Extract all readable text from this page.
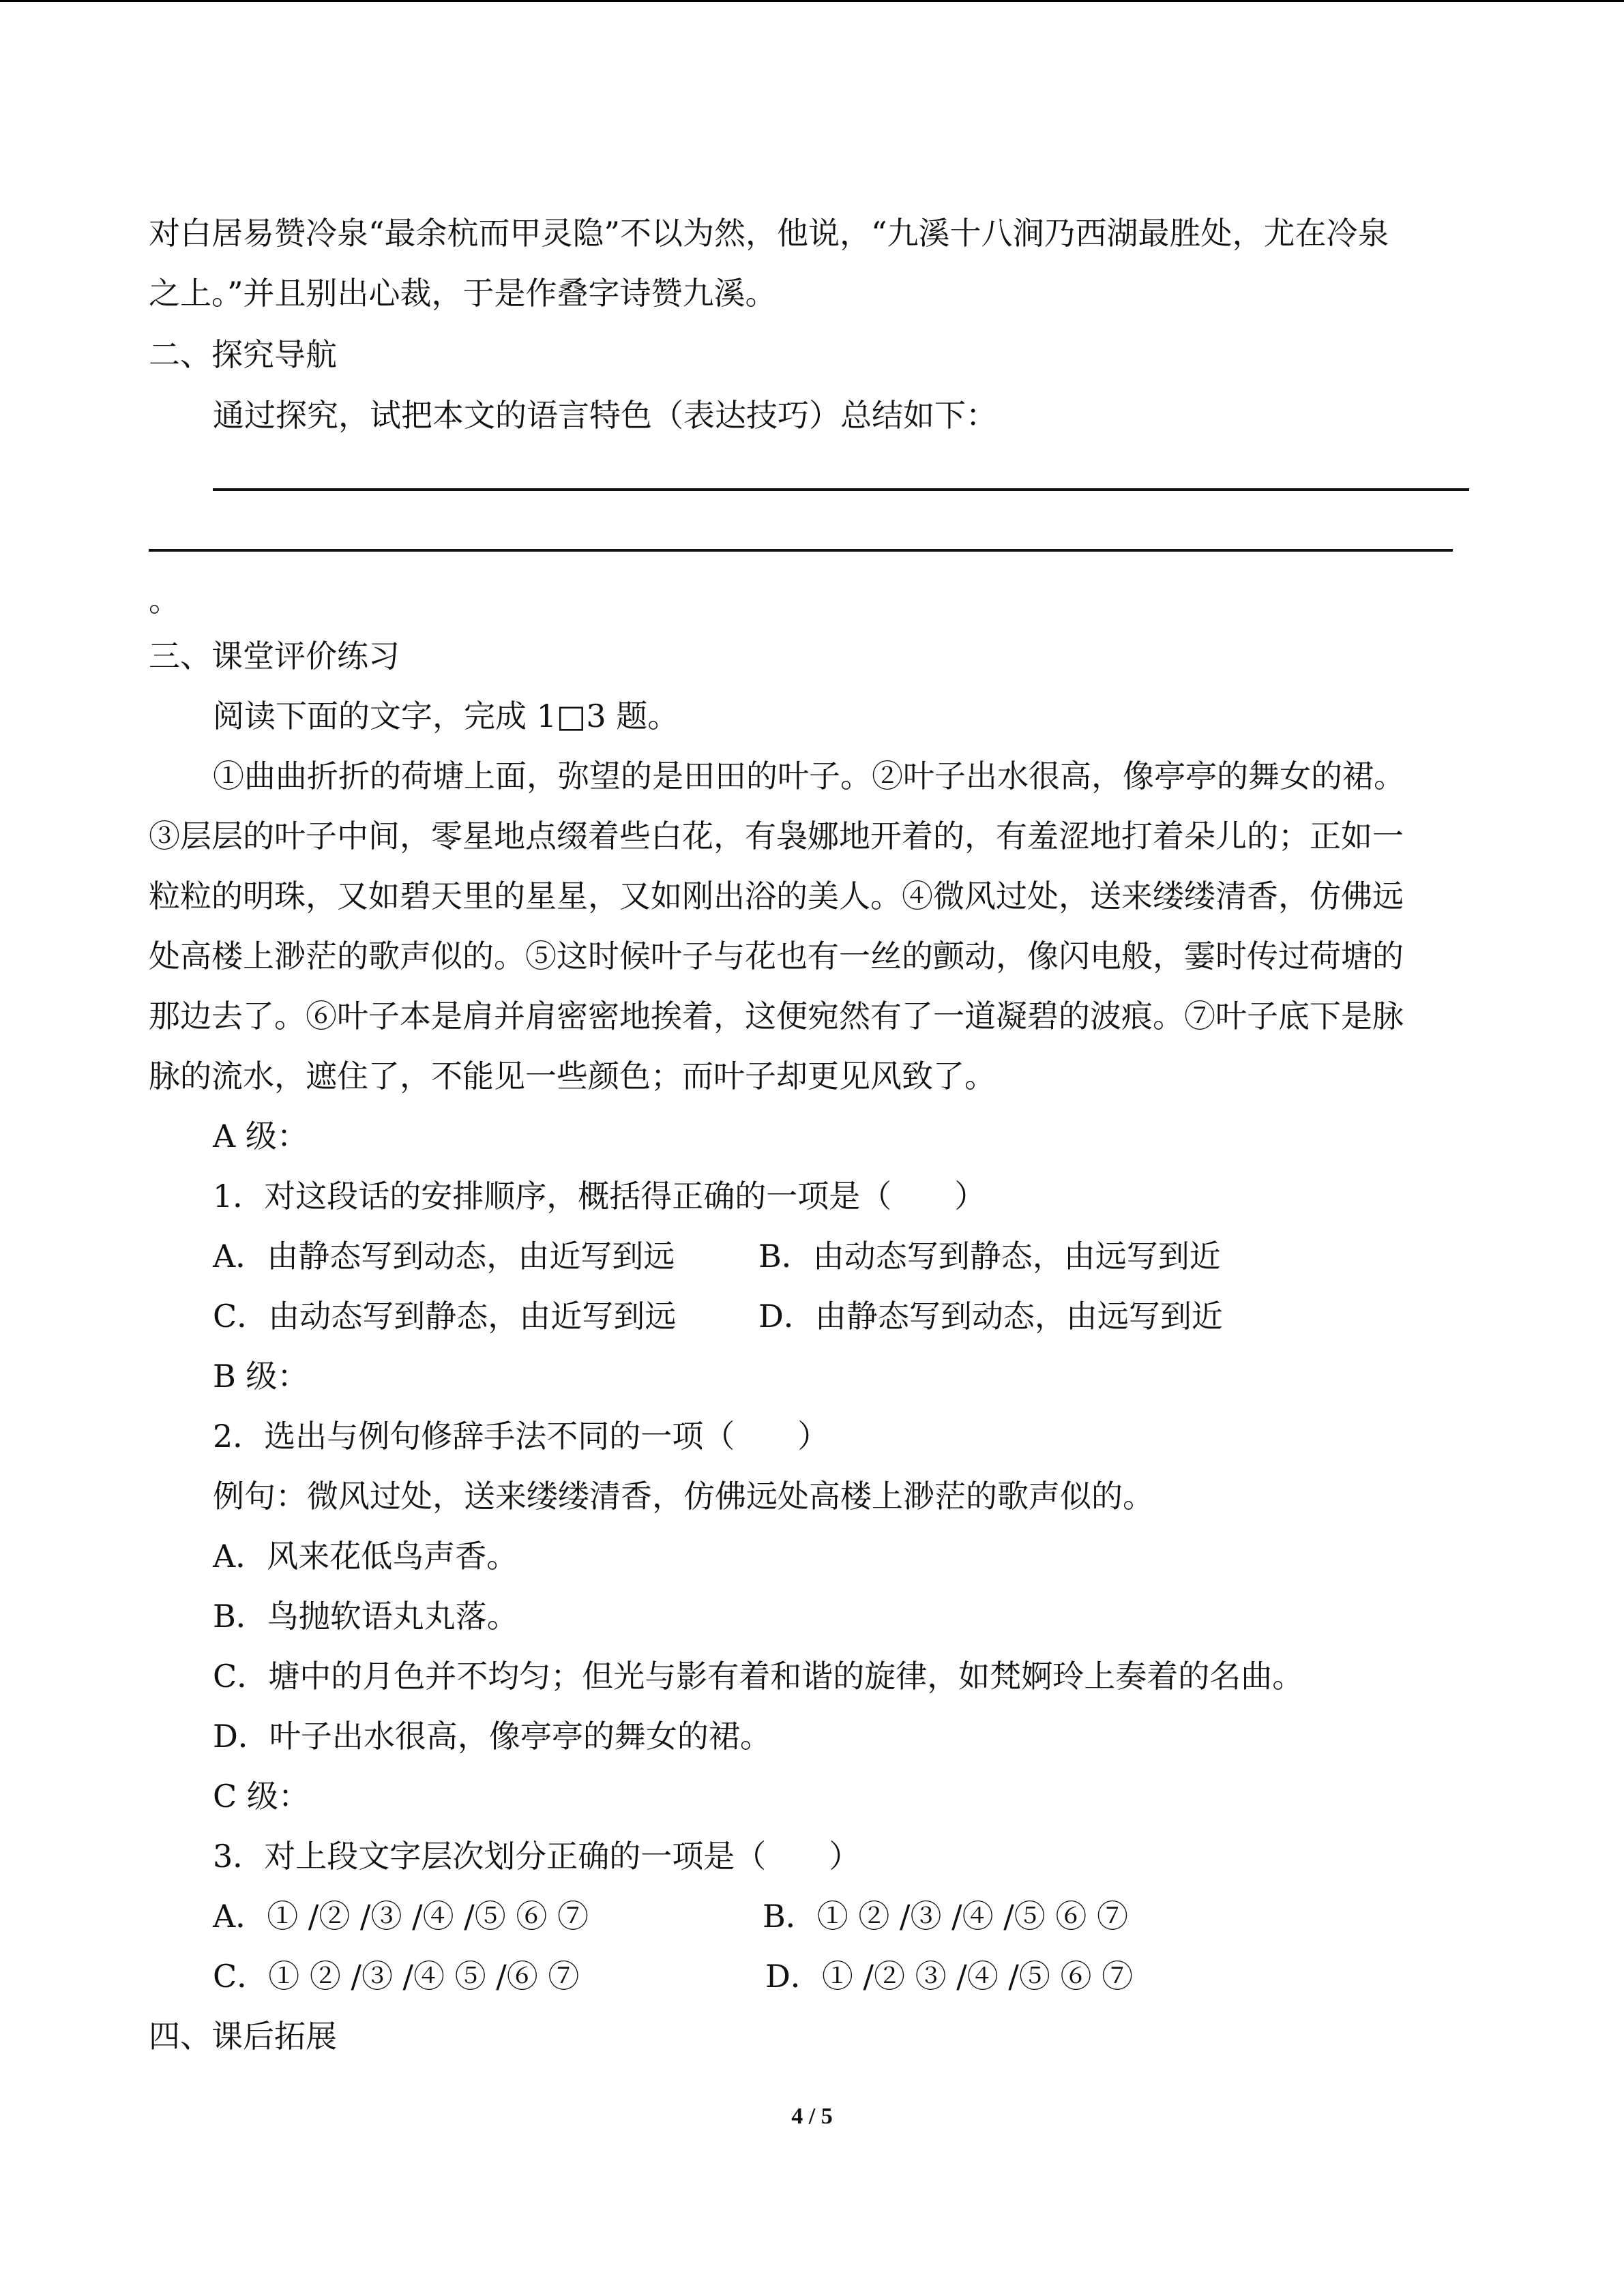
对白居易赞冷泉“最余杭而甲灵隐”不以为然，他说，“九溪十八涧乃西湖最胜处，尤在冷泉
之上。”并且别出心裁，于是作叠字诗赞九溪。
二、探究导航
通过探究，试把本文的语言特色（表达技巧）总结如下：
。
三、课堂评价练习
阅读下面的文字，完成 1□3 题。
①曲曲折折的荷塘上面，弥望的是田田的叶子。②叶子出水很高，像亭亭的舞女的裙。
③层层的叶子中间，零星地点缀着些白花，有袅娜地开着的，有羞涩地打着朵儿的；正如一
粒粒的明珠，又如碧天里的星星，又如刚出浴的美人。④微风过处，送来缕缕清香，仿佛远
处高楼上渺茫的歌声似的。⑤这时候叶子与花也有一丝的颤动，像闪电般，霎时传过荷塘的
那边去了。⑥叶子本是肩并肩密密地挨着，这便宛然有了一道凝碧的波痕。⑦叶子底下是脉
脉的流水，遮住了，不能见一些颜色；而叶子却更见风致了。
A 级：
1．对这段话的安排顺序，概括得正确的一项是（　　）
A．由静态写到动态，由近写到远	B．由动态写到静态，由远写到近
C．由动态写到静态，由近写到远	D．由静态写到动态，由远写到近
B 级：
2．选出与例句修辞手法不同的一项（　　）
例句：微风过处，送来缕缕清香，仿佛远处高楼上渺茫的歌声似的。
A．风来花低鸟声香。
B．鸟抛软语丸丸落。
C．塘中的月色并不均匀；但光与影有着和谐的旋律，如梵婀玲上奏着的名曲。
D．叶子出水很高，像亭亭的舞女的裙。
C 级：
3．对上段文字层次划分正确的一项是（　　）
A．① /② /③ /④ /⑤ ⑥ ⑦	B．① ② /③ /④ /⑤ ⑥ ⑦
C．① ② /③ /④ ⑤ /⑥ ⑦	D．① /② ③ /④ /⑤ ⑥ ⑦
四、课后拓展
4 / 5
